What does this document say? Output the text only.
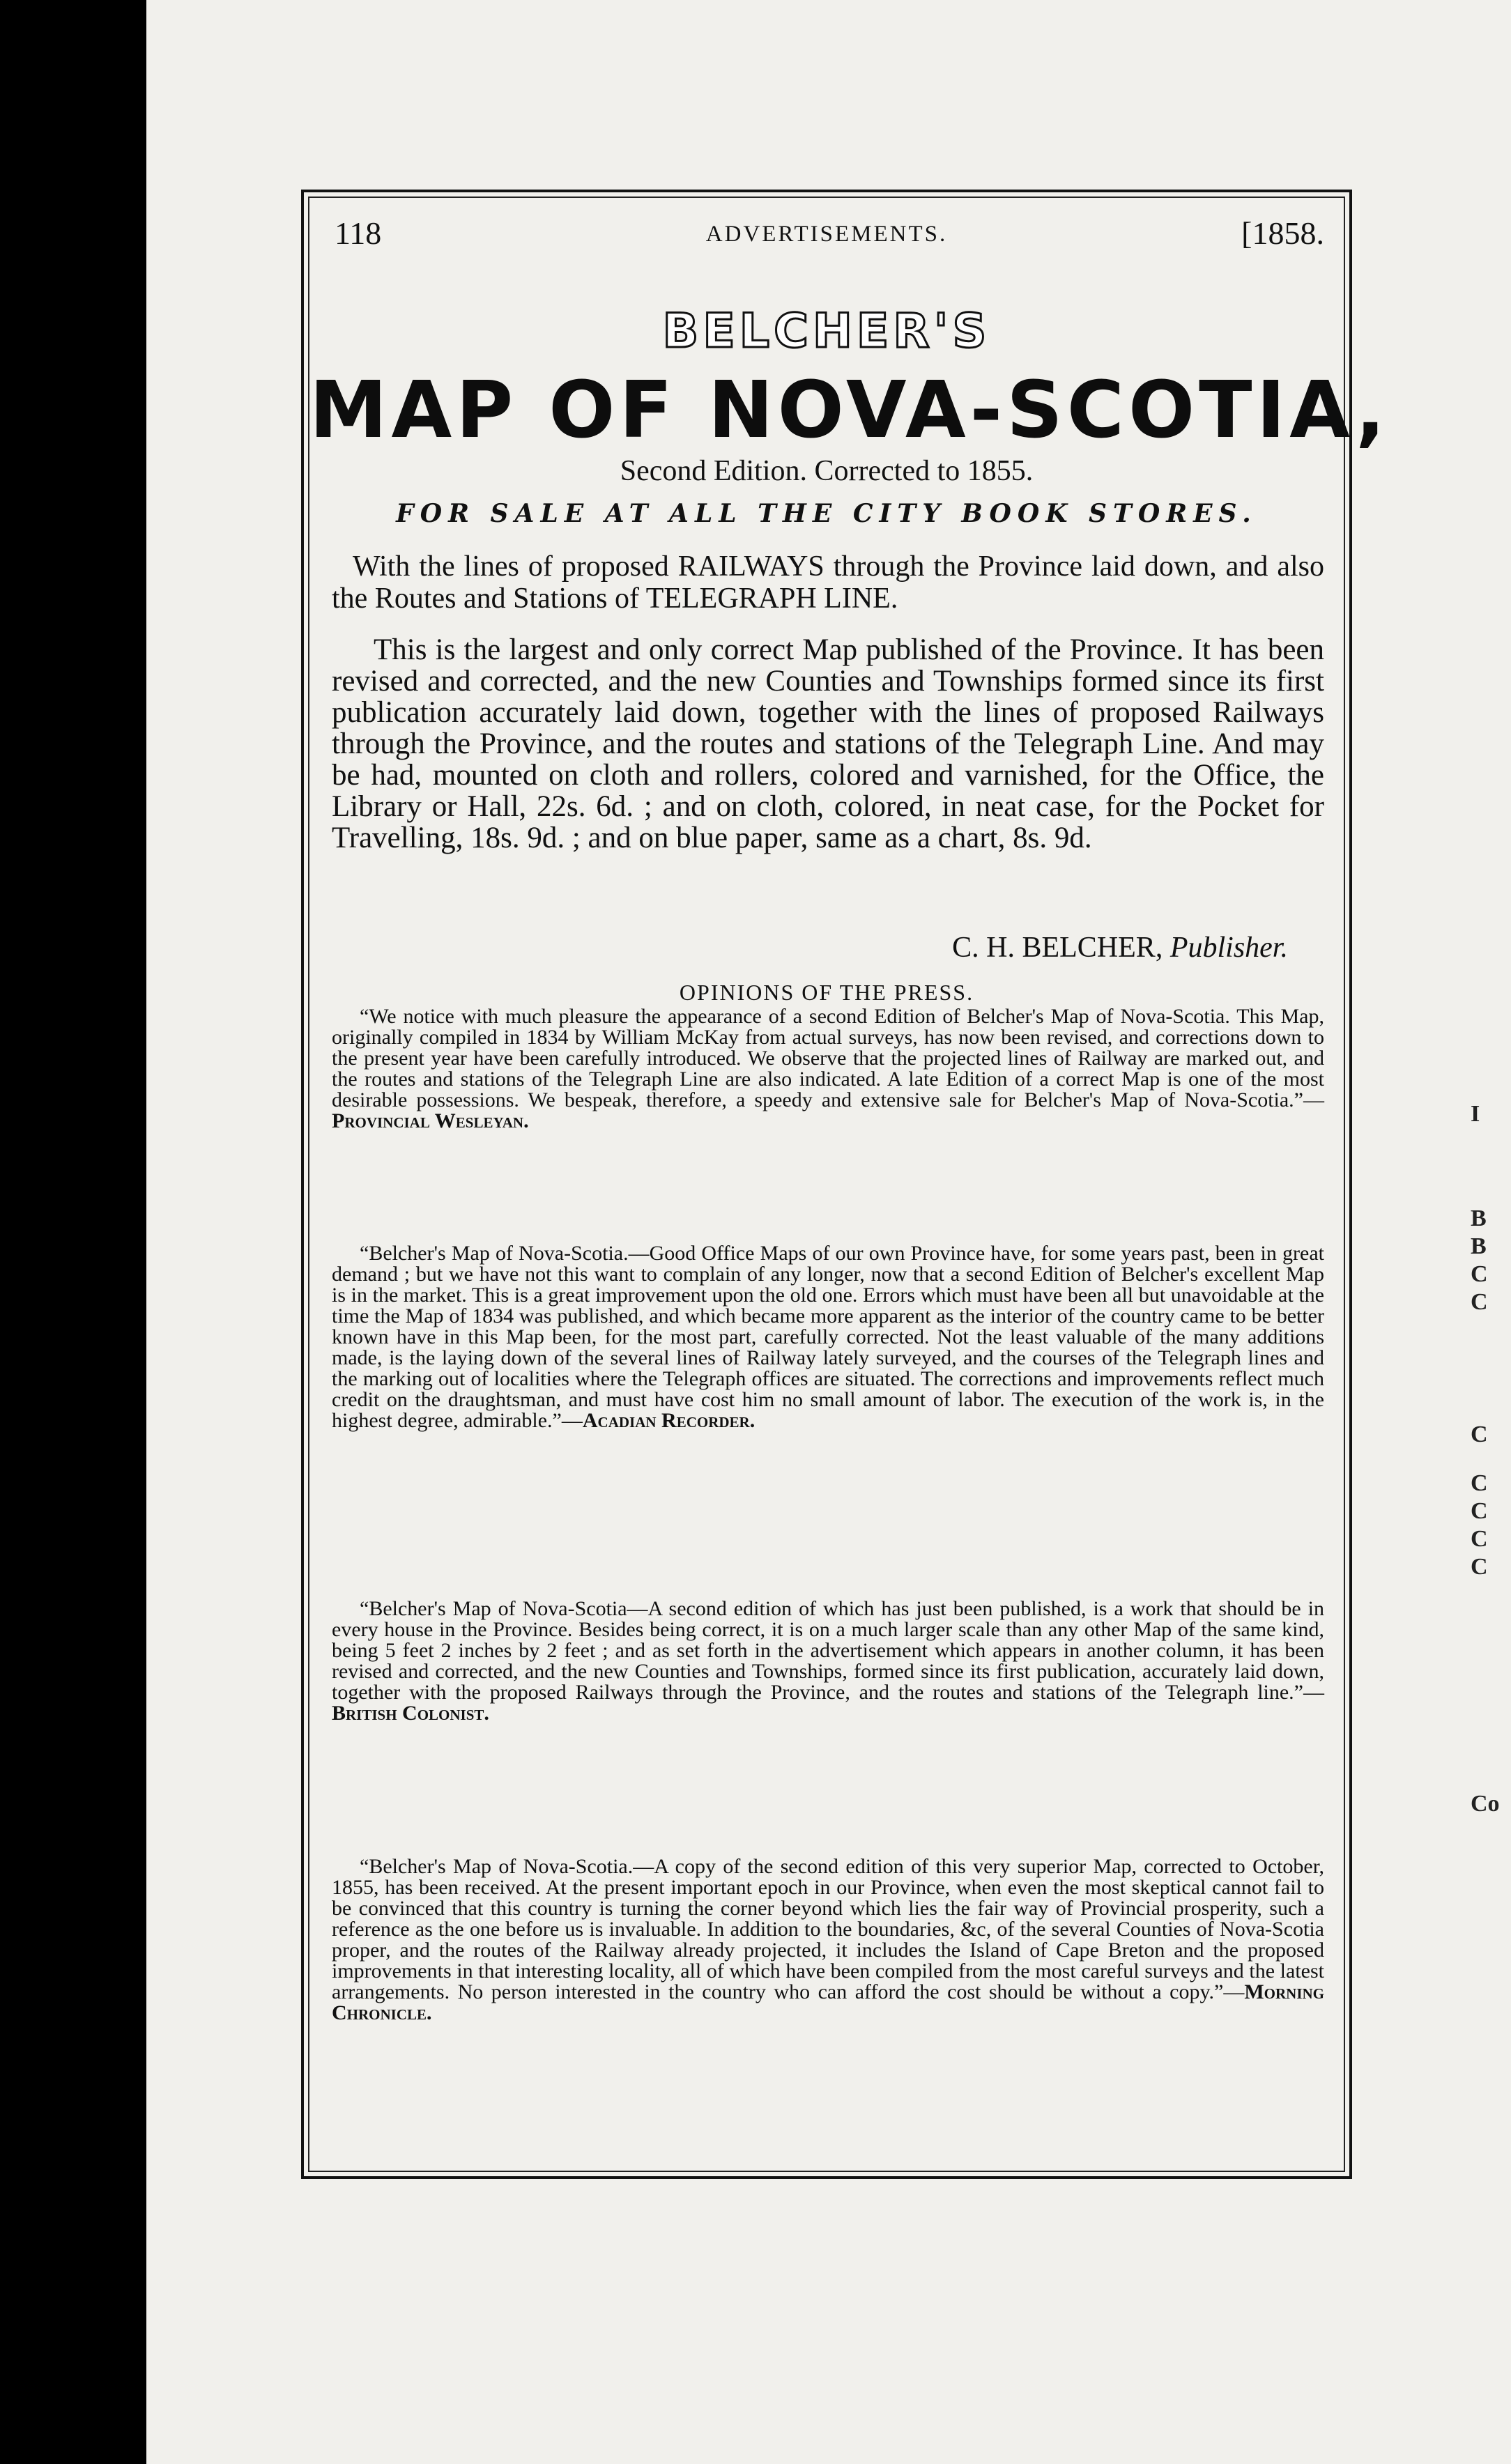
I
B
B
C
C
C
C
C
C
C
Co
118	ADVERTISEMENTS.	[1858.
BELCHER'S
MAP OF NOVA-SCOTIA,
Second Edition. Corrected to 1855.
FOR SALE AT ALL THE CITY BOOK STORES.
With the lines of proposed RAILWAYS through the Province laid down, and also the Routes and Stations of TELEGRAPH LINE.
This is the largest and only correct Map published of the Province. It has been revised and corrected, and the new Counties and Townships formed since its first publication accurately laid down, together with the lines of proposed Railways through the Province, and the routes and stations of the Telegraph Line. And may be had, mounted on cloth and rollers, colored and varnished, for the Office, the Library or Hall, 22s. 6d. ; and on cloth, colored, in neat case, for the Pocket for Travelling, 18s. 9d. ; and on blue paper, same as a chart, 8s. 9d.
C. H. BELCHER, Publisher.
OPINIONS OF THE PRESS.
“We notice with much pleasure the appearance of a second Edition of Belcher's Map of Nova-Scotia. This Map, originally compiled in 1834 by William McKay from actual surveys, has now been revised, and corrections down to the present year have been carefully introduced. We observe that the projected lines of Railway are marked out, and the routes and stations of the Telegraph Line are also indicated. A late Edition of a correct Map is one of the most desirable possessions. We bespeak, therefore, a speedy and extensive sale for Belcher's Map of Nova-Scotia.”—Provincial Wesleyan.
“Belcher's Map of Nova-Scotia.—Good Office Maps of our own Province have, for some years past, been in great demand ; but we have not this want to complain of any longer, now that a second Edition of Belcher's excellent Map is in the market. This is a great improvement upon the old one. Errors which must have been all but unavoidable at the time the Map of 1834 was published, and which became more apparent as the interior of the country came to be better known have in this Map been, for the most part, carefully corrected. Not the least valuable of the many additions made, is the laying down of the several lines of Railway lately surveyed, and the courses of the Telegraph lines and the marking out of localities where the Telegraph offices are situated. The corrections and improvements reflect much credit on the draughtsman, and must have cost him no small amount of labor. The execution of the work is, in the highest degree, admirable.”—Acadian Recorder.
“Belcher's Map of Nova-Scotia—A second edition of which has just been published, is a work that should be in every house in the Province. Besides being correct, it is on a much larger scale than any other Map of the same kind, being 5 feet 2 inches by 2 feet ; and as set forth in the advertisement which appears in another column, it has been revised and corrected, and the new Counties and Townships, formed since its first publication, accurately laid down, together with the proposed Railways through the Province, and the routes and stations of the Telegraph line.”—British Colonist.
“Belcher's Map of Nova-Scotia.—A copy of the second edition of this very superior Map, corrected to October, 1855, has been received. At the present important epoch in our Province, when even the most skeptical cannot fail to be convinced that this country is turning the corner beyond which lies the fair way of Provincial prosperity, such a reference as the one before us is invaluable. In addition to the boundaries, &c, of the several Counties of Nova-Scotia proper, and the routes of the Railway already projected, it includes the Island of Cape Breton and the proposed improvements in that interesting locality, all of which have been compiled from the most careful surveys and the latest arrangements. No person interested in the country who can afford the cost should be without a copy.”—Morning Chronicle.
